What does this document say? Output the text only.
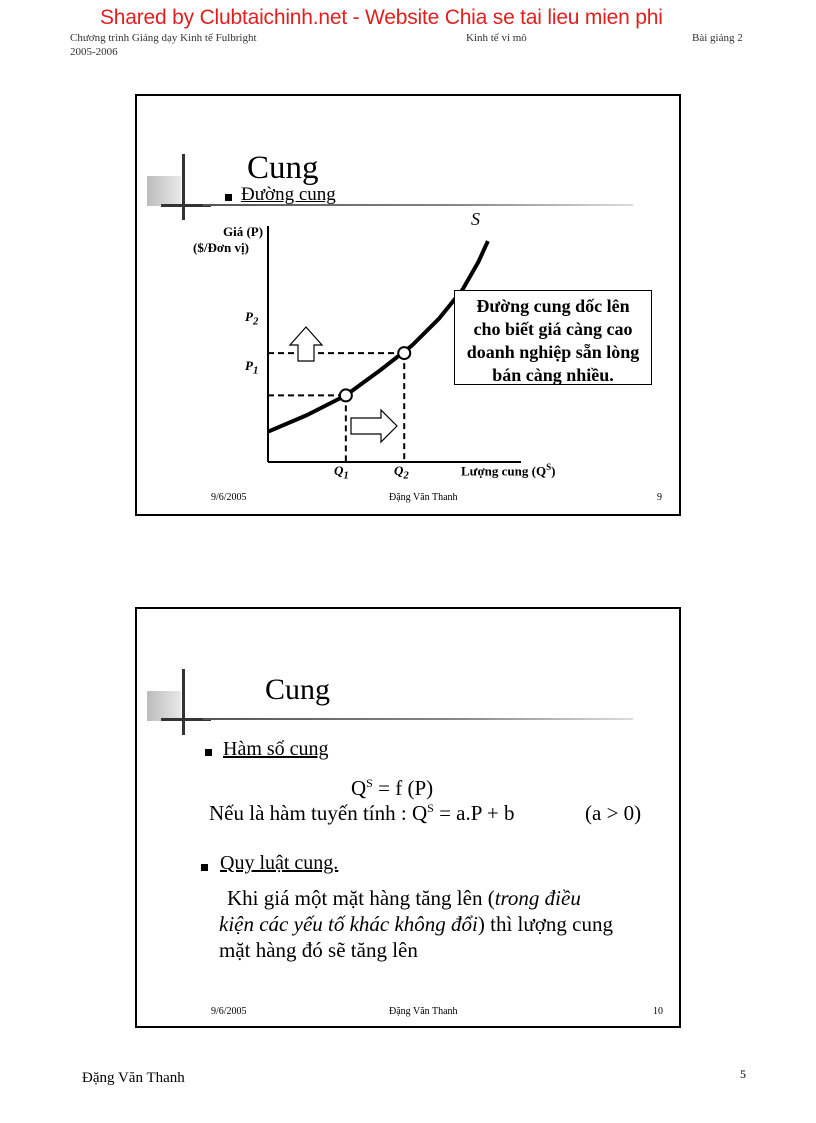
Chương trình Giảng dạy Kinh tế Fulbright
2005-2006
Kinh tế vi mô	Bài giảng 2
Shared by Clubtaichinh.net - Website Chia se tai lieu mien phi
Cung
Đường cung
Giá (P)
($/Đơn vị)
S
$P_2$
$P_1$
$Q_1$	$Q_2$	Lượng cung $(Q^S)$
Đường cung dốc lên cho biết giá càng cao doanh nghiệp sẵn lòng bán càng nhiều.
9/6/2005	Đặng Văn Thanh	9
Cung
Hàm số cung
$Q^S = f$ (P)
Nếu là hàm tuyến tính : $Q^S = a.P + b$	(a > 0)
Quy luật cung.
Khi giá một mặt hàng tăng lên (trong điều
kiện các yếu tố khác không đổi) thì lượng cung
mặt hàng đó sẽ tăng lên
9/6/2005	Đặng Văn Thanh	10
Đặng Văn Thanh	5
